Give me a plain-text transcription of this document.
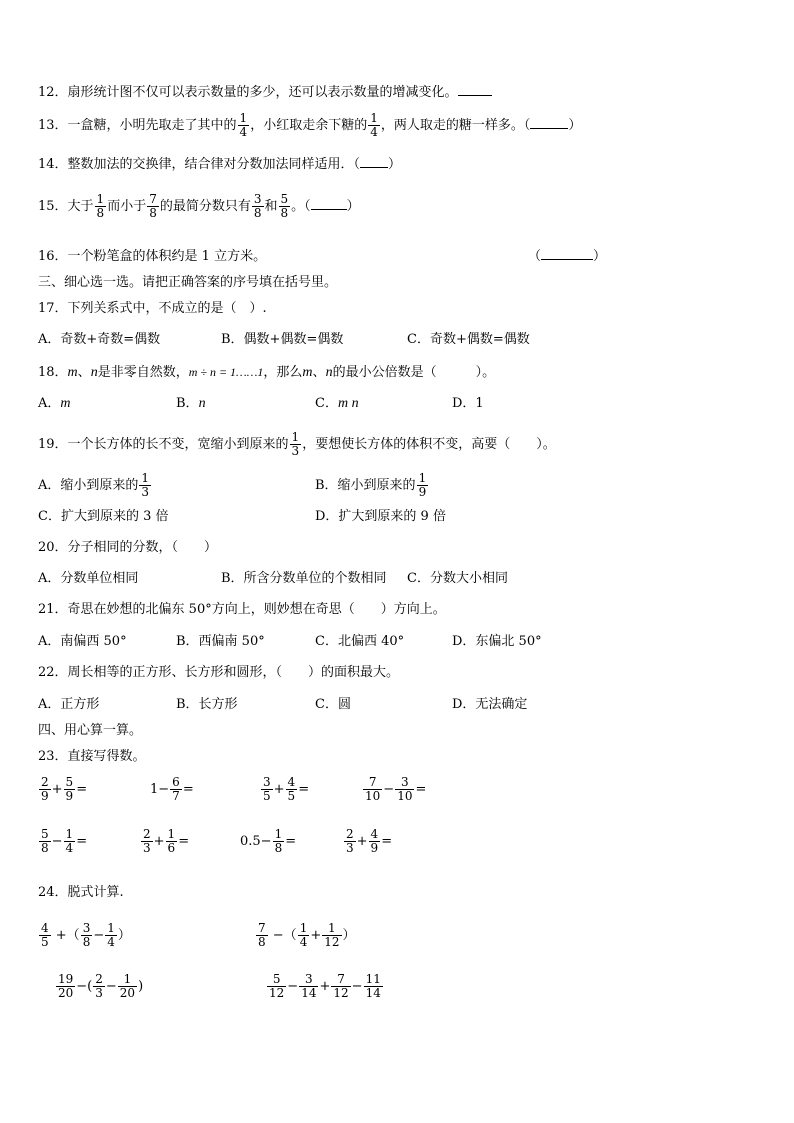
12．扇形统计图不仅可以表示数量的多少，还可以表示数量的增减变化。
13．一盒糖，小明先取走了其中的 $\frac{1}{4}$ ，小红取走余下糖的 $\frac{1}{4}$ ，两人取走的糖一样多。（	）
14．整数加法的交换律，结合律对分数加法同样适用．（ ）
15．大于 $\frac{1}{8}$ 而小于 $\frac{7}{8}$ 的最简分数只有 $\frac{3}{8}$ 和 $\frac{5}{8}$ 。（	）
16．一个粉笔盒的体积约是 1 立方米。	（	）
三、细心选一选。请把正确答案的序号填在括号里。
17．下列关系式中，不成立的是（　）.
A．奇数+奇数=偶数	B．偶数+偶数=偶数	C．奇数+偶数=偶数
18．m、n是非零自然数，m ÷ n = 1……1，那么m、n的最小公倍数是（　　　）。
A．m	B．n	C．m n	D．1
19．一个长方体的长不变，宽缩小到原来的 $\frac{1}{3}$ ，要想使长方体的体积不变，高要（　　）。
A．缩小到原来的 $\frac{1}{3}$	B．缩小到原来的 $\frac{1}{9}$
C．扩大到原来的 3 倍	D．扩大到原来的 9 倍
20．分子相同的分数，（　　）
A．分数单位相同	B．所含分数单位的个数相同 C．分数大小相同
21．奇思在妙想的北偏东 50°方向上，则妙想在奇思（　　）方向上。
A．南偏西 50°	B．西偏南 50°	C．北偏西 40°	D．东偏北 50°
22．周长相等的正方形、长方形和圆形，（　　）的面积最大。
A．正方形	B．长方形	C．圆	D．无法确定
四、用心算一算。
23．直接写得数。
$\frac{2}{9} + \frac{5}{9}$ =	$1- \frac{6}{7}$ =	$\frac{3}{5} + \frac{4}{5}$ =	$\frac{7}{10} - \frac{3}{10}$ =
$\frac{5}{8} - \frac{1}{4}$ =	$\frac{2}{3} + \frac{1}{6}$ =	$0.5- \frac{1}{8}$ =	$\frac{2}{3} + \frac{4}{9}$ =
24．脱式计算.
$\frac{4}{5}$ +（ $\frac{3}{8} - \frac{1}{4}$ ）	$\frac{7}{8}$ −（ $\frac{1}{4} + \frac{1}{12}$ ）
$\frac{19}{20}$ −( $\frac{2}{3} - \frac{1}{20}$ )	$\frac{5}{12} - \frac{3}{14} + \frac{7}{12} - \frac{11}{14}$
